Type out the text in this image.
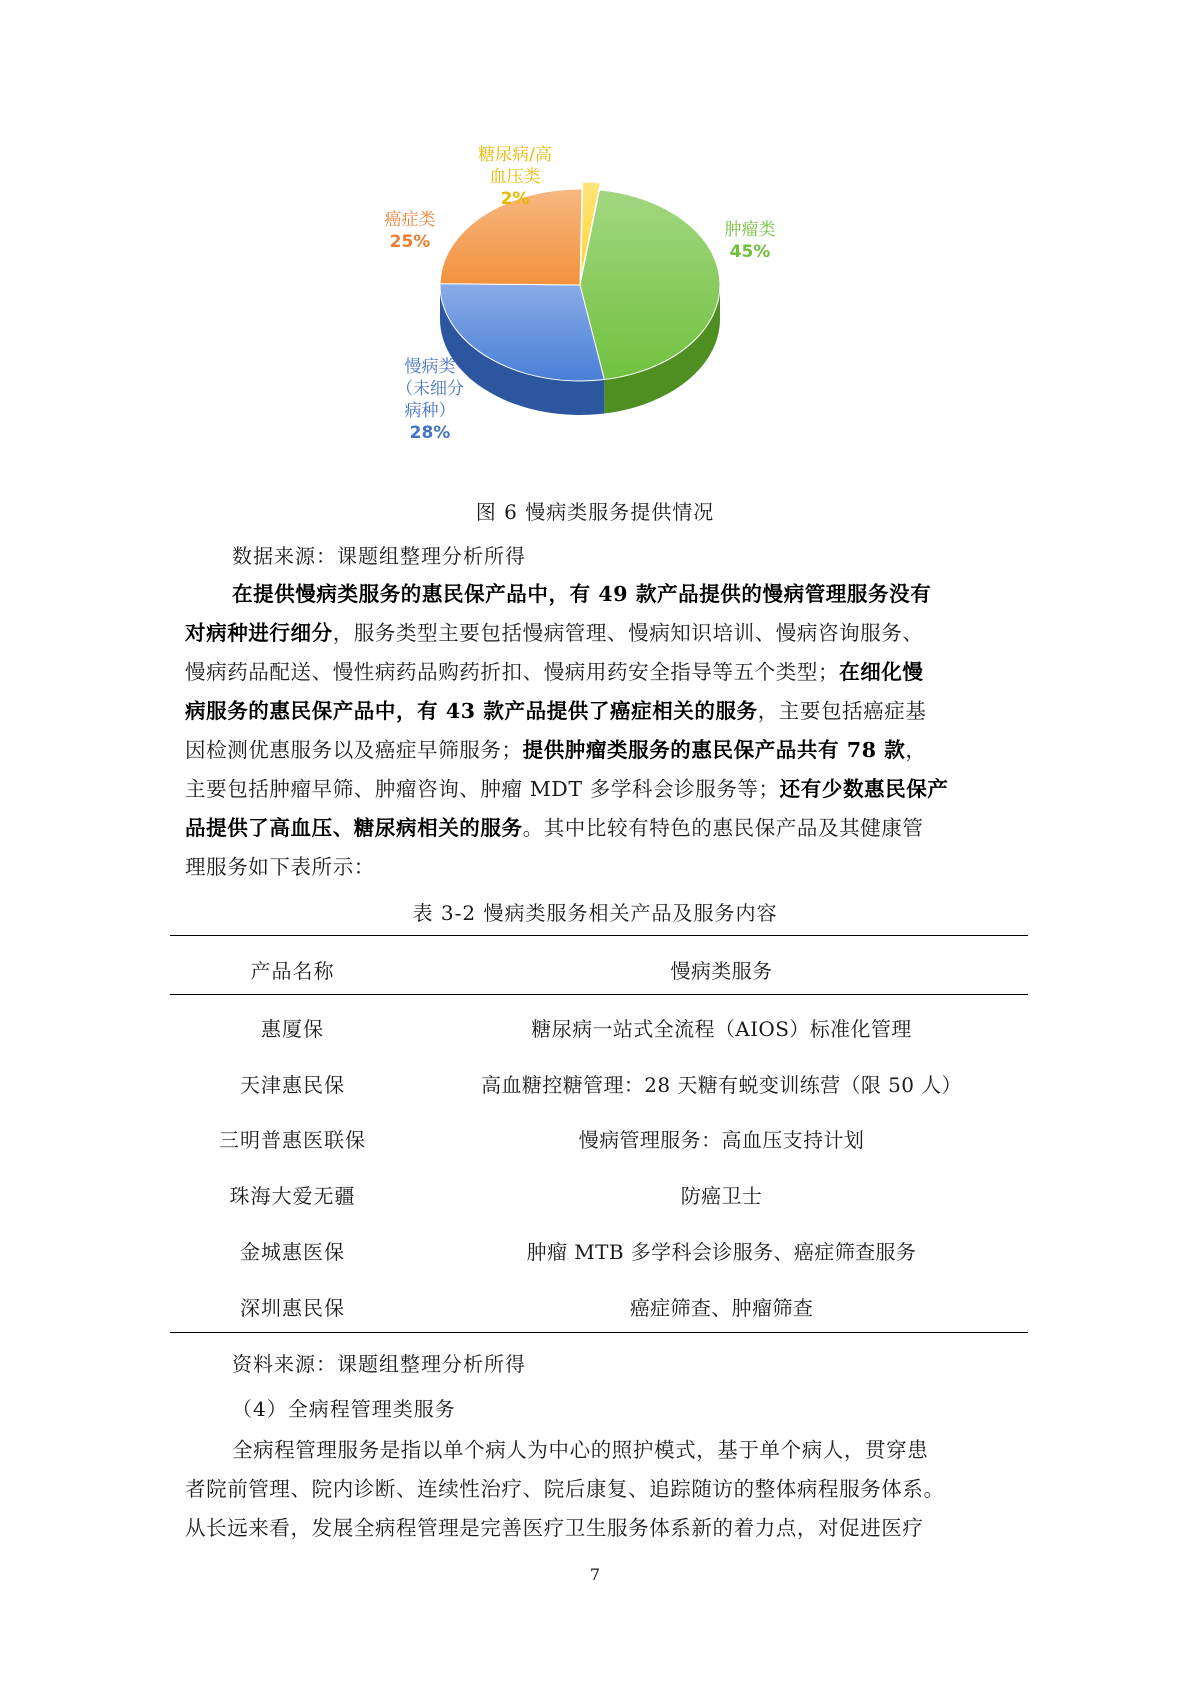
肿瘤类 45%
慢病类（未细分病种） 28%
癌症类 25%
糖尿病/高血压类 2%
图 6 慢病类服务提供情况
数据来源：课题组整理分析所得
在提供慢病类服务的惠民保产品中，有 49 款产品提供的慢病管理服务没有
对病种进行细分，服务类型主要包括慢病管理、慢病知识培训、慢病咨询服务、
慢病药品配送、慢性病药品购药折扣、慢病用药安全指导等五个类型；在细化慢
病服务的惠民保产品中，有 43 款产品提供了癌症相关的服务，主要包括癌症基
因检测优惠服务以及癌症早筛服务；提供肿瘤类服务的惠民保产品共有 78 款，
主要包括肿瘤早筛、肿瘤咨询、肿瘤 MDT 多学科会诊服务等；还有少数惠民保产
品提供了高血压、糖尿病相关的服务。其中比较有特色的惠民保产品及其健康管
理服务如下表所示：
表 3-2 慢病类服务相关产品及服务内容
产品名称	慢病类服务
惠厦保	糖尿病一站式全流程（AIOS）标准化管理
天津惠民保	高血糖控糖管理：28 天糖有蜕变训练营（限 50 人）
三明普惠医联保	慢病管理服务：高血压支持计划
珠海大爱无疆	防癌卫士
金城惠医保	肿瘤 MTB 多学科会诊服务、癌症筛查服务
深圳惠民保	癌症筛查、肿瘤筛查
资料来源：课题组整理分析所得
（4）全病程管理类服务
全病程管理服务是指以单个病人为中心的照护模式，基于单个病人，贯穿患
者院前管理、院内诊断、连续性治疗、院后康复、追踪随访的整体病程服务体系。
从长远来看，发展全病程管理是完善医疗卫生服务体系新的着力点，对促进医疗
7
